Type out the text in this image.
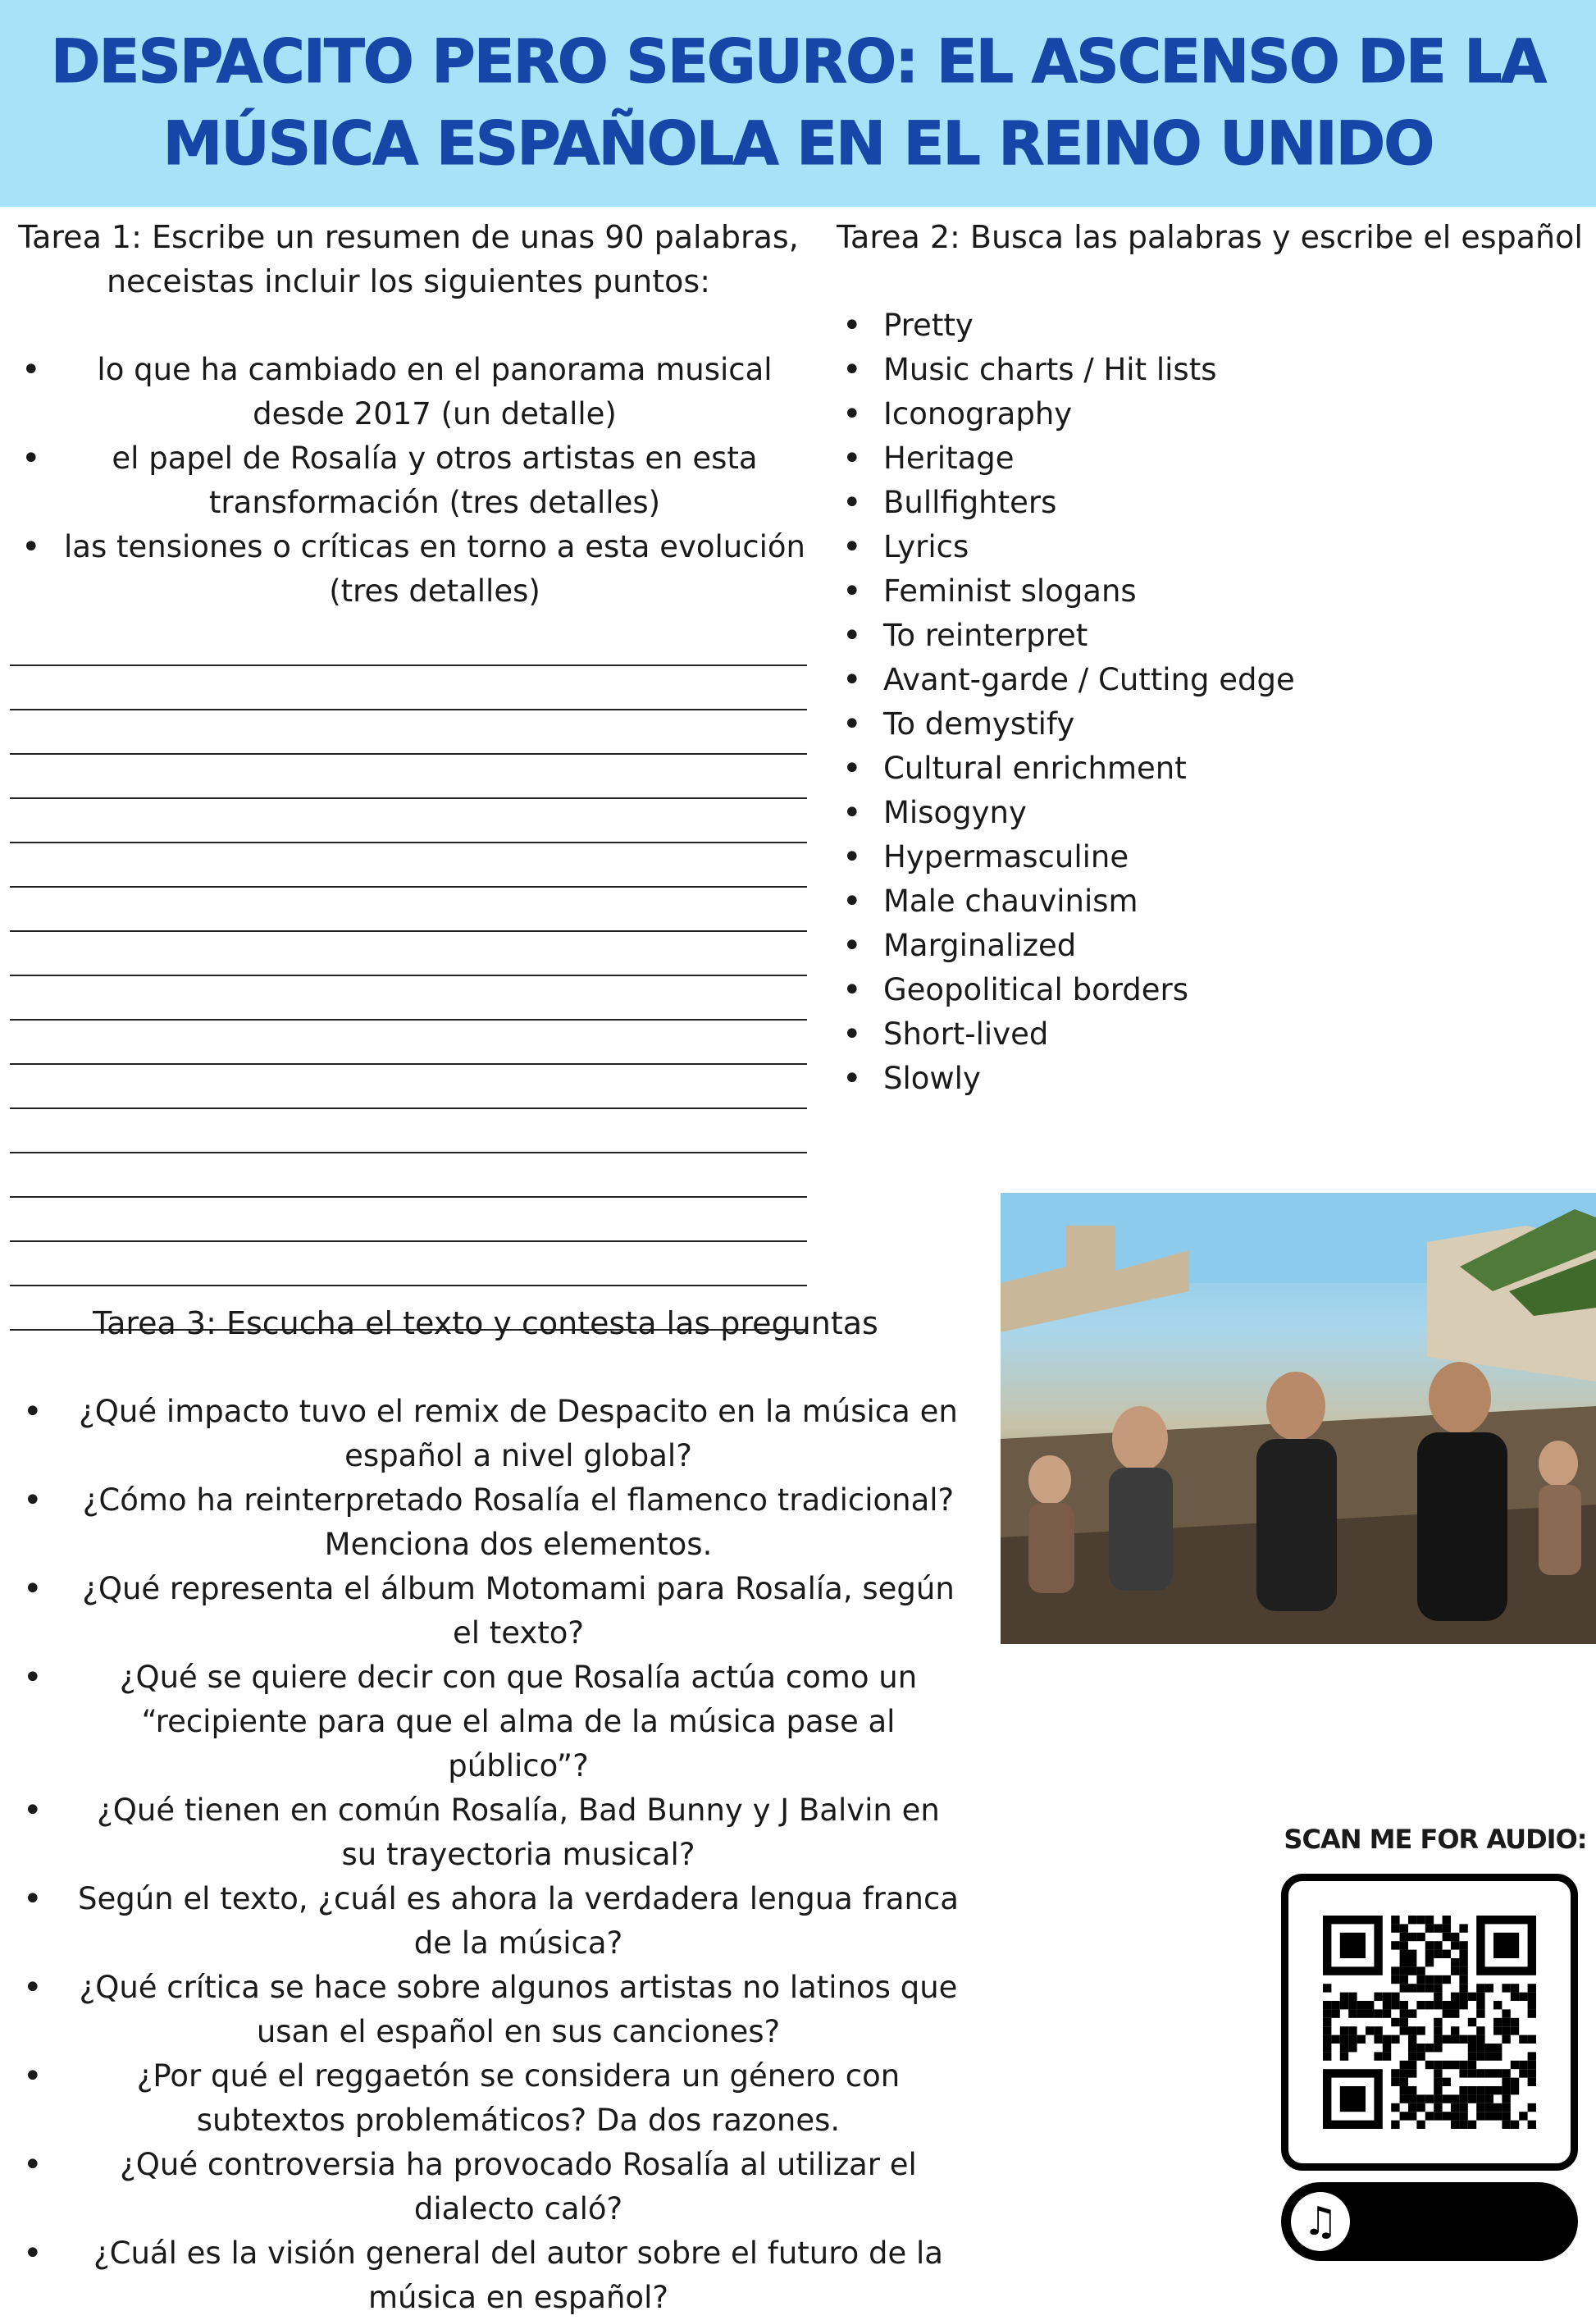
DESPACITO PERO SEGURO: EL ASCENSO DE LA MÚSICA ESPAÑOLA EN EL REINO UNIDO

Tarea 1: Escribe un resumen de unas 90 palabras, neceistas incluir los siguientes puntos:

• lo que ha cambiado en el panorama musical desde 2017 (un detalle)
• el papel de Rosalía y otros artistas en esta transformación (tres detalles)
• las tensiones o críticas en torno a esta evolución (tres detalles)

Tarea 2: Busca las palabras y escribe el español

• Pretty
• Music charts / Hit lists
• Iconography
• Heritage
• Bullfighters
• Lyrics
• Feminist slogans
• To reinterpret
• Avant-garde / Cutting edge
• To demystify
• Cultural enrichment
• Misogyny
• Hypermasculine
• Male chauvinism
• Marginalized
• Geopolitical borders
• Short-lived
• Slowly

Tarea 3: Escucha el texto y contesta las preguntas

• ¿Qué impacto tuvo el remix de Despacito en la música en español a nivel global?
• ¿Cómo ha reinterpretado Rosalía el flamenco tradicional? Menciona dos elementos.
• ¿Qué representa el álbum Motomami para Rosalía, según el texto?
•	¿Qué se quiere decir con que Rosalía actúa como un “recipiente para que el alma de la música pase al público”?
• ¿Qué tienen en común Rosalía, Bad Bunny y J Balvin en su trayectoria musical?
• Según el texto, ¿cuál es ahora la verdadera lengua franca de la música?
• ¿Qué crítica se hace sobre algunos artistas no latinos que usan el español en sus canciones?
•	¿Por qué el reggaetón se considera un género con subtextos problemáticos? Da dos razones.
•	¿Qué controversia ha provocado Rosalía al utilizar el dialecto caló?
• ¿Cuál es la visión general del autor sobre el futuro de la música en español?
SCAN ME FOR AUDIO:
♫
